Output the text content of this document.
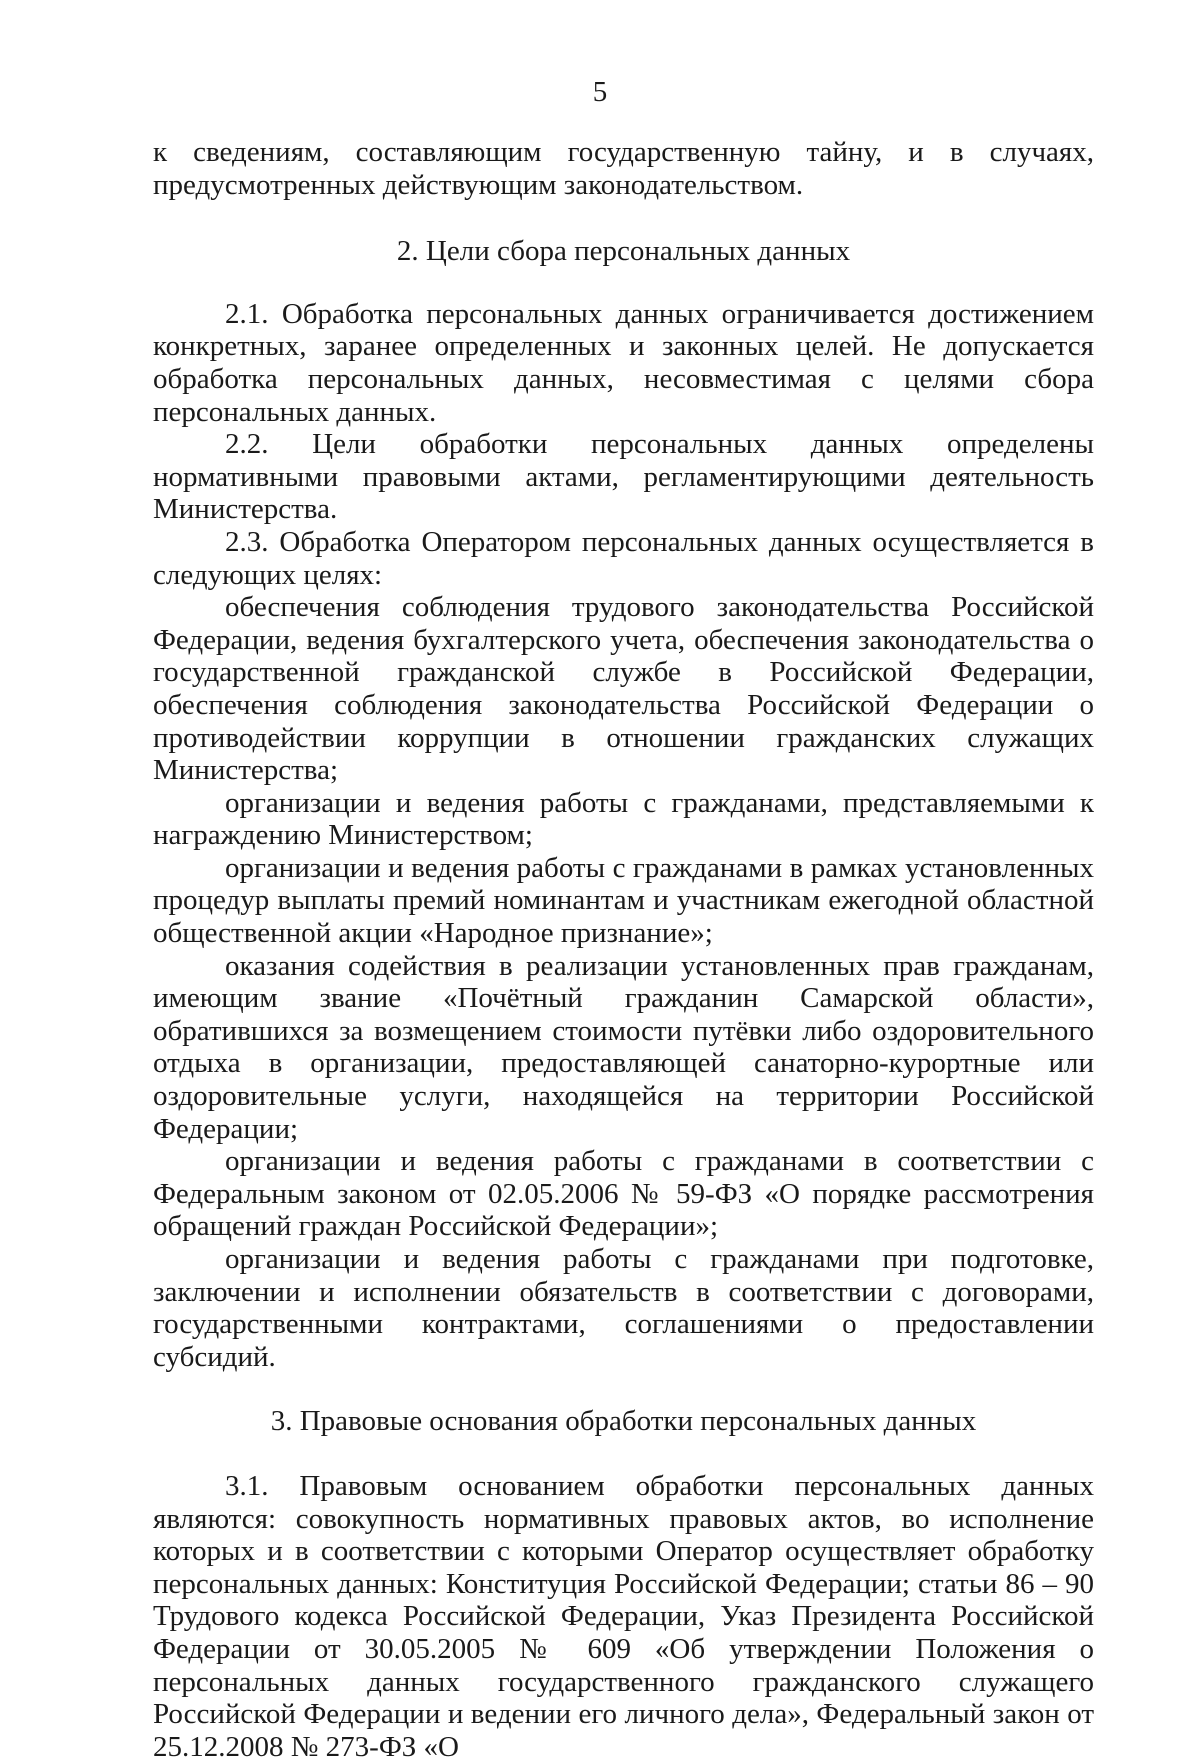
5

к сведениям, составляющим государственную тайну, и в случаях, предусмотренных действующим законодательством.

2. Цели сбора персональных данных

2.1. Обработка персональных данных ограничивается достижением конкретных, заранее определенных и законных целей. Не допускается обработка персональных данных, несовместимая с целями сбора персональных данных.

2.2. Цели обработки персональных данных определены нормативными правовыми актами, регламентирующими деятельность Министерства.

2.3. Обработка Оператором персональных данных осуществляется в следующих целях:

обеспечения соблюдения трудового законодательства Российской Федерации, ведения бухгалтерского учета, обеспечения законодательства о государственной гражданской службе в Российской Федерации, обеспечения соблюдения законодательства Российской Федерации о противодействии коррупции в отношении гражданских служащих Министерства;

организации и ведения работы с гражданами, представляемыми к награждению Министерством;

организации и ведения работы с гражданами в рамках установленных процедур выплаты премий номинантам и участникам ежегодной областной общественной акции «Народное признание»;

оказания содействия в реализации установленных прав гражданам, имеющим звание «Почётный гражданин Самарской области», обратившихся за возмещением стоимости путёвки либо оздоровительного отдыха в организации, предоставляющей санаторно-курортные или оздоровительные услуги, находящейся на территории Российской Федерации;

организации и ведения работы с гражданами в соответствии с Федеральным законом от 02.05.2006 № 59-ФЗ «О порядке рассмотрения обращений граждан Российской Федерации»;

организации и ведения работы с гражданами при подготовке, заключении и исполнении обязательств в соответствии с договорами, государственными контрактами, соглашениями о предоставлении субсидий.

3. Правовые основания обработки персональных данных

3.1. Правовым основанием обработки персональных данных являются: совокупность нормативных правовых актов, во исполнение которых и в соответствии с которыми Оператор осуществляет обработку персональных данных: Конституция Российской Федерации; статьи 86 – 90 Трудового кодекса Российской Федерации, Указ Президента Российской Федерации от 30.05.2005 № 609 «Об утверждении Положения о персональных данных государственного гражданского служащего Российской Федерации и ведении его личного дела», Федеральный закон от 25.12.2008 № 273-ФЗ «О
